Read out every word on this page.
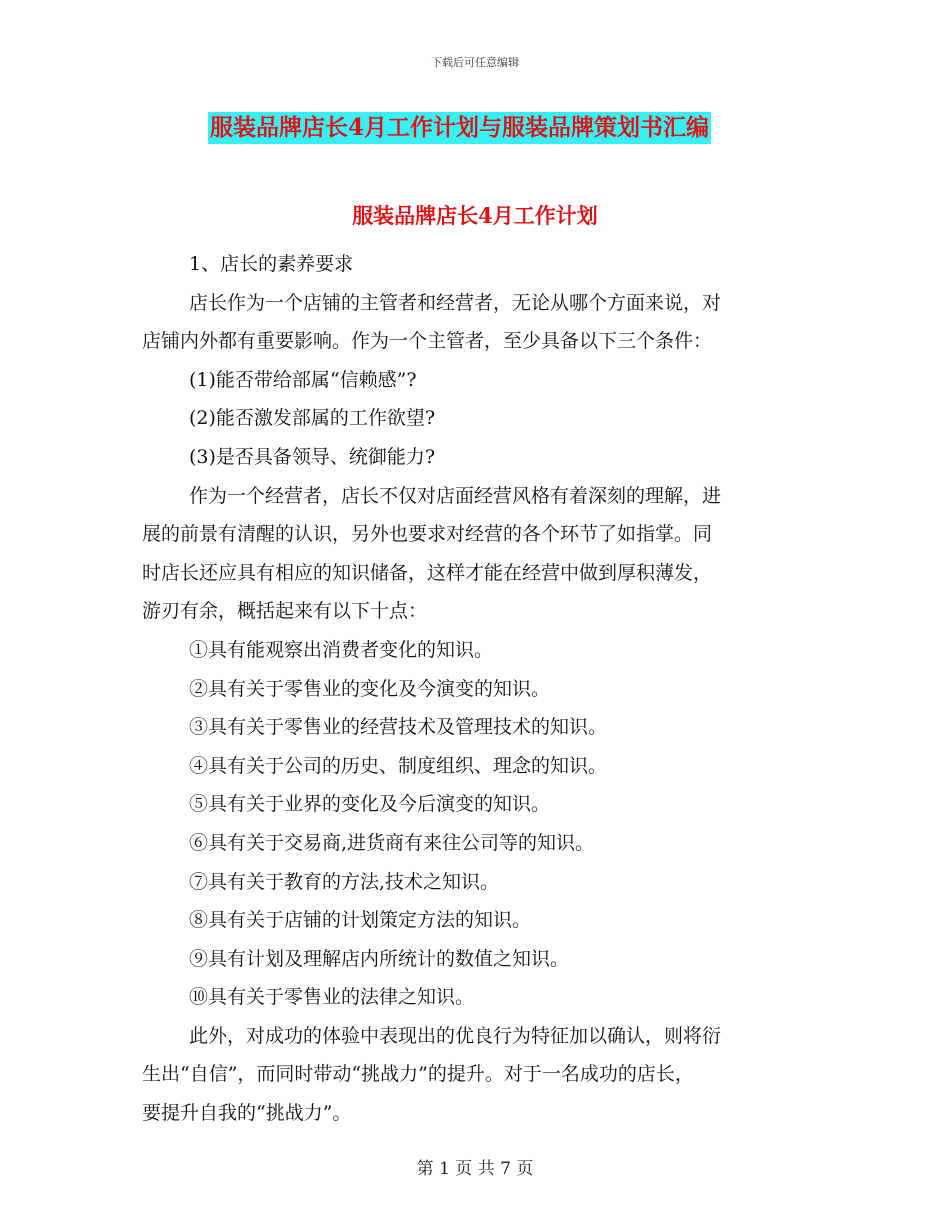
下载后可任意编辑
服装品牌店长4月工作计划与服装品牌策划书汇编
服装品牌店长4月工作计划

1、店长的素养要求

店长作为一个店铺的主管者和经营者，无论从哪个方面来说，对

店铺内外都有重要影响。作为一个主管者，至少具备以下三个条件：

(1)能否带给部属“信赖感”?

(2)能否激发部属的工作欲望?

(3)是否具备领导、统御能力?

作为一个经营者，店长不仅对店面经营风格有着深刻的理解，进

展的前景有清醒的认识，另外也要求对经营的各个环节了如指掌。同

时店长还应具有相应的知识储备，这样才能在经营中做到厚积薄发，

游刃有余，概括起来有以下十点：

①具有能观察出消费者变化的知识。

②具有关于零售业的变化及今演变的知识。

③具有关于零售业的经营技术及管理技术的知识。

④具有关于公司的历史、制度组织、理念的知识。

⑤具有关于业界的变化及今后演变的知识。

⑥具有关于交易商,进货商有来往公司等的知识。

⑦具有关于教育的方法,技术之知识。

⑧具有关于店铺的计划策定方法的知识。

⑨具有计划及理解店内所统计的数值之知识。

⑩具有关于零售业的法律之知识。

此外，对成功的体验中表现出的优良行为特征加以确认，则将衍

生出“自信”，而同时带动“挑战力”的提升。对于一名成功的店长，

要提升自我的“挑战力”。

第 1 页 共 7 页
